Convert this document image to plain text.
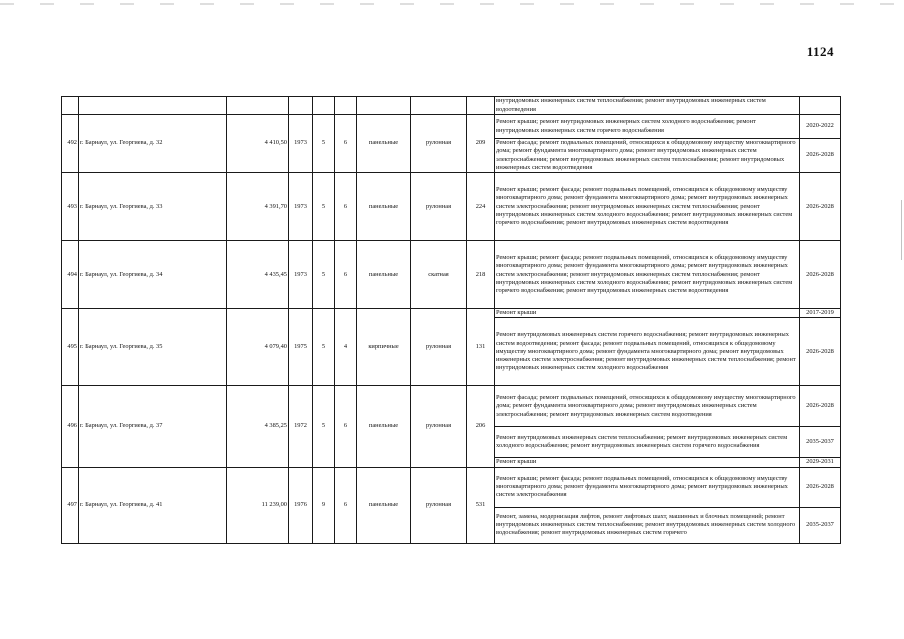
1124
									внутридомовых инженерных систем теплоснабжения; ремонт внутридомовых инженерных систем водоотведения	
492	г. Барнаул, ул. Георгиева, д. 32	4 410,50	1973	5	6	панельные	рулонная	209	Ремонт крыши; ремонт внутридомовых инженерных систем холодного водоснабжения; ремонт внутридомовых инженерных систем горячего водоснабжения	2020-2022
									Ремонт фасада; ремонт подвальных помещений, относящихся к общедомовому имуществу многоквартирного дома; ремонт фундамента многоквартирного дома; ремонт внутридомовых инженерных систем электроснабжения; ремонт внутридомовых инженерных систем теплоснабжения; ремонт внутридомовых инженерных систем водоотведения	2026-2028
493	г. Барнаул, ул. Георгиева, д. 33	4 391,70	1973	5	6	панельные	рулонная	224	Ремонт крыши; ремонт фасада; ремонт подвальных помещений, относящихся к общедомовому имуществу многоквартирного дома; ремонт фундамента многоквартирного дома; ремонт внутридомовых инженерных систем электроснабжения; ремонт внутридомовых инженерных систем теплоснабжения; ремонт внутридомовых инженерных систем холодного водоснабжения; ремонт внутридомовых инженерных систем горячего водоснабжения; ремонт внутридомовых инженерных систем водоотведения	2026-2028
494	г. Барнаул, ул. Георгиева, д. 34	4 435,45	1973	5	6	панельные	скатная	218	Ремонт крыши; ремонт фасада; ремонт подвальных помещений, относящихся к общедомовому имуществу многоквартирного дома; ремонт фундамента многоквартирного дома; ремонт внутридомовых инженерных систем электроснабжения; ремонт внутридомовых инженерных систем теплоснабжения; ремонт внутридомовых инженерных систем холодного водоснабжения; ремонт внутридомовых инженерных систем горячего водоснабжения; ремонт внутридомовых инженерных систем водоотведения	2026-2028
495	г. Барнаул, ул. Георгиева, д. 35	4 079,40	1975	5	4	кирпичные	рулонная	131	Ремонт крыши	2017-2019
									Ремонт внутридомовых инженерных систем горячего водоснабжения; ремонт внутридомовых инженерных систем водоотведения; ремонт фасада; ремонт подвальных помещений, относящихся к общедомовому имуществу многоквартирного дома; ремонт фундамента многоквартирного дома; ремонт внутридомовых инженерных систем электроснабжения; ремонт внутридомовых инженерных систем теплоснабжения; ремонт внутридомовых инженерных систем холодного водоснабжения	2026-2028
496	г. Барнаул, ул. Георгиева, д. 37	4 385,25	1972	5	6	панельные	рулонная	206	Ремонт фасада; ремонт подвальных помещений, относящихся к общедомовому имуществу многоквартирного дома; ремонт фундамента многоквартирного дома; ремонт внутридомовых инженерных систем электроснабжения; ремонт внутридомовых инженерных систем водоотведения	2026-2028
									Ремонт внутридомовых инженерных систем теплоснабжения; ремонт внутридомовых инженерных систем холодного водоснабжения; ремонт внутридомовых инженерных систем горячего водоснабжения	2035-2037
									Ремонт крыши	2029-2031
497	г. Барнаул, ул. Георгиева, д. 41	11 239,00	1976	9	6	панельные	рулонная	531	Ремонт крыши; ремонт фасада; ремонт подвальных помещений, относящихся к общедомовому имуществу многоквартирного дома; ремонт фундамента многоквартирного дома; ремонт внутридомовых инженерных систем электроснабжения	2026-2028
									Ремонт, замена, модернизация лифтов, ремонт лифтовых шахт, машинных и блочных помещений; ремонт внутридомовых инженерных систем теплоснабжения; ремонт внутридомовых инженерных систем холодного водоснабжения; ремонт внутридомовых инженерных систем горячего	2035-2037
